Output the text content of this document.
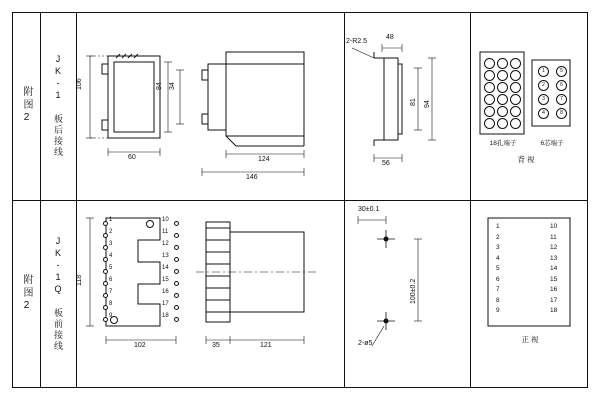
附图2 JK-1 板后接线 106	84 34
60	124
146
2-R2.5
48
81 94
56
1	5
2	6
3	7
4	8
18孔端子	6芯端子
背 视
附图2 JK-1Q 板前接线 118
102	35	121
1
2
3
4
5
6
7
8
9
10
11
12
13
14
15
16
17
18
30±0.1
100±0.2
2-ø5
1
2
3
4
5
6
7
8
9
10
11
12
13
14
15
16
17
18
正 视
